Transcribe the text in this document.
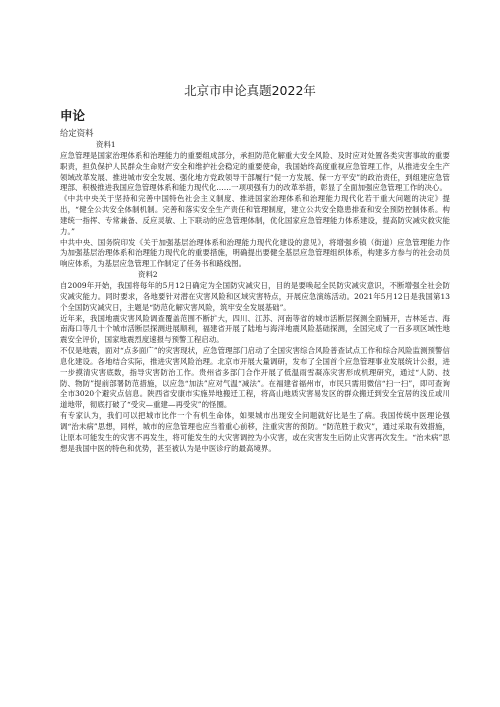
北京市申论真题2022年
申论
给定资料

资料1

应急管理是国家治理体系和治理能力的重要组成部分，承担防范化解重大安全风险、及时应对处置各类灾害事故的重要职责，担负保护人民群众生命财产安全和维护社会稳定的重要使命，我国始终高度重视应急管理工作，从推进安全生产领域改革发展、推进城市安全发展、强化地方党政领导干部履行“促一方发展、保一方平安”的政治责任，到组建应急管理部、积极推进我国应急管理体系和能力现代化……一项项强有力的改革举措，彰显了全面加强应急管理工作的决心。

《中共中央关于坚持和完善中国特色社会主义制度、推进国家治理体系和治理能力现代化若干重大问题的决定》提出，“健全公共安全体制机制。完善和落实安全生产责任和管理制度，建立公共安全隐患排查和安全预防控制体系。构建统一指挥、专常兼备、反应灵敏、上下联动的应急管理体制，优化国家应急管理能力体系建设，提高防灾减灾救灾能力。”

中共中央、国务院印发《关于加强基层治理体系和治理能力现代化建设的意见》，将增强乡镇（街道）应急管理能力作为加强基层治理体系和治理能力现代化的重要措施，明确提出要健全基层应急管理组织体系，构建多方参与的社会动员响应体系，为基层应急管理工作制定了任务书和路线图。

资料2

自2009年开始，我国将每年的5月12日确定为全国防灾减灾日，目的是要唤起全民防灾减灾意识，不断增强全社会防灾减灾能力。同时要求，各地要针对潜在灾害风险和区域灾害特点，开展应急演练活动。2021年5月12日是我国第13个全国防灾减灾日，主题是“防范化解灾害风险，筑牢安全发展基础”。

近年来，我国地震灾害风险调查覆盖范围不断扩大，四川、江苏、河南等省的城市活断层探测全面铺开，吉林延吉、海南海口等几十个城市活断层探测进展顺利，福建省开展了陆地与海洋地震风险基础探测，全国完成了一百多项区域性地震安全评价，国家地震烈度速报与预警工程启动。

不仅是地震，面对“点多面广”的灾害现状，应急管理部门启动了全国灾害综合风险普查试点工作和综合风险监测预警信息化建设。各地结合实际，推进灾害风险治理。北京市开展大量调研，发布了全国首个应急管理事业发展统计公报，进一步摸清灾害底数，指导灾害防治工作。贵州省多部门合作开展了低温雨雪凝冻灾害形成机理研究，通过“人防、技防、物防”提前部署防范措施，以应急“加法”应对气温“减法”。在福建省福州市，市民只需用微信“扫一扫”，即可查询全市3020个避灾点信息。陕西省安康市实施异地搬迁工程，将高山地质灾害易发区的群众搬迁到安全宜居的浅丘或川道地带，彻底打破了“受灾—重建—再受灾”的怪圈。

有专家认为，我们可以把城市比作一个有机生命体，如果城市出现安全问题就好比是生了病。我国传统中医理论强调“治未病”思想，同样，城市的应急管理也应当着重心前移，注重灾害的预防。“防范胜于救灾”，通过采取有效措施，让原本可能发生的灾害不再发生，将可能发生的大灾害调控为小灾害，或在灾害发生后防止灾害再次发生。“治未病”思想是我国中医的特色和优势，甚至被认为是中医诊疗的最高境界。
